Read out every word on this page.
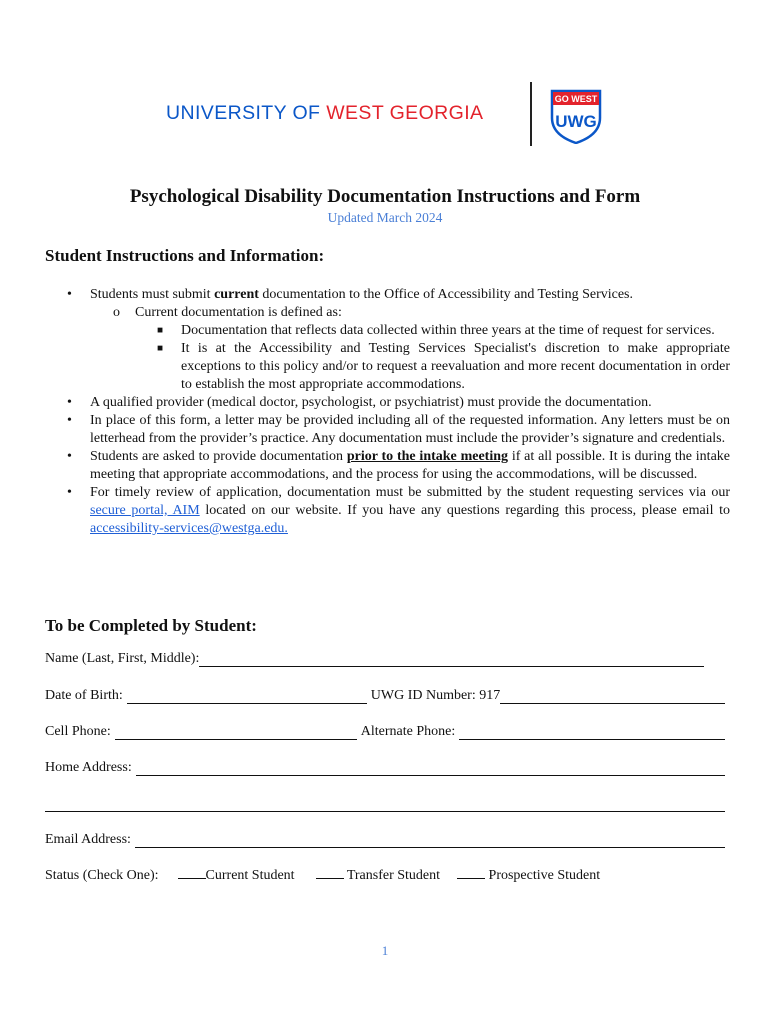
UNIVERSITY OF WEST GEORGIA
GO WEST
UWG
Psychological Disability Documentation Instructions and Form
Updated March 2024
Student Instructions and Information:
• Students must submit current documentation to the Office of Accessibility and Testing Services.
o Current documentation is defined as:
■ Documentation that reflects data collected within three years at the time of request for services.
■ It is at the Accessibility and Testing Services Specialist's discretion to make appropriate exceptions to this policy and/or to request a reevaluation and more recent documentation in order to establish the most appropriate accommodations.
• A qualified provider (medical doctor, psychologist, or psychiatrist) must provide the documentation.
• In place of this form, a letter may be provided including all of the requested information. Any letters must be on letterhead from the provider’s practice. Any documentation must include the provider’s signature and credentials.
• Students are asked to provide documentation prior to the intake meeting if at all possible. It is during the intake meeting that appropriate accommodations, and the process for using the accommodations, will be discussed.
• For timely review of application, documentation must be submitted by the student requesting services via our secure portal, AIM located on our website. If you have any questions regarding this process, please email to accessibility-services@westga.edu.
To be Completed by Student:
Name (Last, First, Middle):
Date of Birth:	UWG ID Number: 917
Cell Phone:	Alternate Phone:
Home Address:
Email Address:
Status (Check One):	Current Student	Transfer Student	Prospective Student
1
